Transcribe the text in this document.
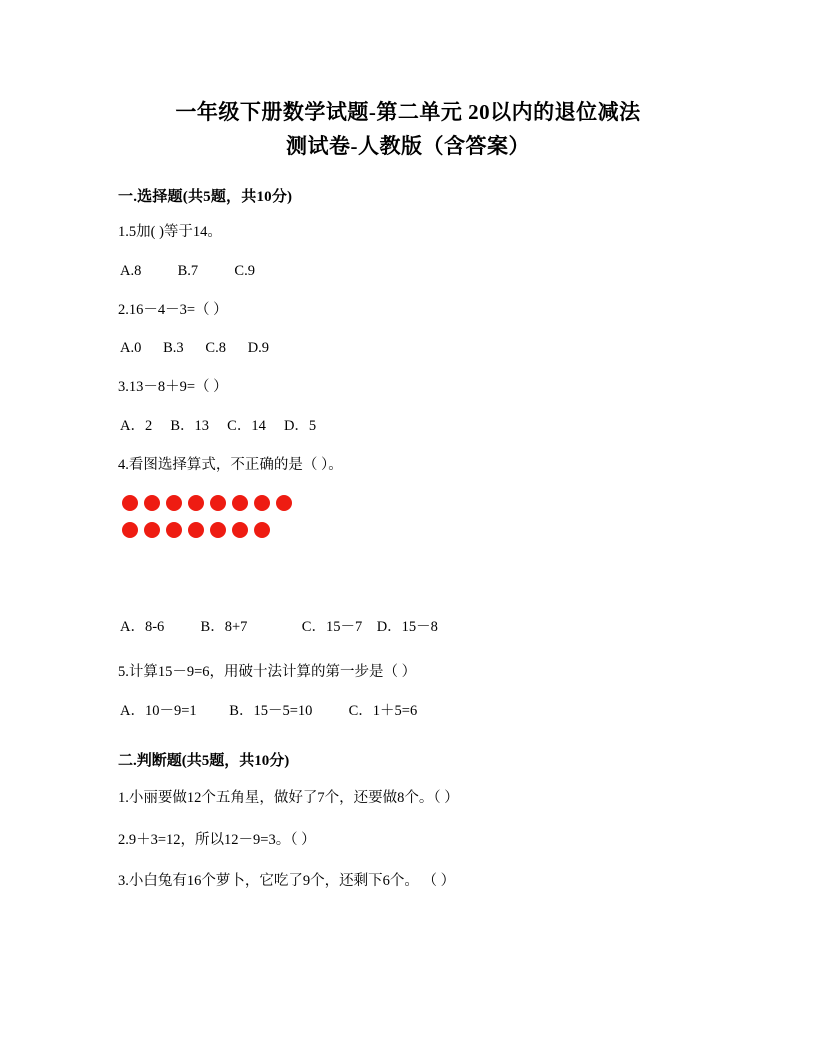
一年级下册数学试题-第二单元 20以内的退位减法
测试卷-人教版（含答案）
一.选择题(共5题，共10分)
1.5加( )等于14。
A.8          B.7          C.9
2.16－4－3=（ ）
A.0      B.3      C.8      D.9
3.13－8＋9=（ ）
A．2     B．13     C．14     D．5
4.看图选择算式，不正确的是（ ）。
A．8-6          B．8+7               C．15－7    D．15－8
5.计算15－9=6，用破十法计算的第一步是（ ）
A．10－9=1         B．15－5=10          C．1＋5=6
二.判断题(共5题，共10分)
1.小丽要做12个五角星，做好了7个，还要做8个。（ ）
2.9＋3=12，所以12－9=3。（ ）
3.小白兔有16个萝卜，它吃了9个，还剩下6个。 （ ）
